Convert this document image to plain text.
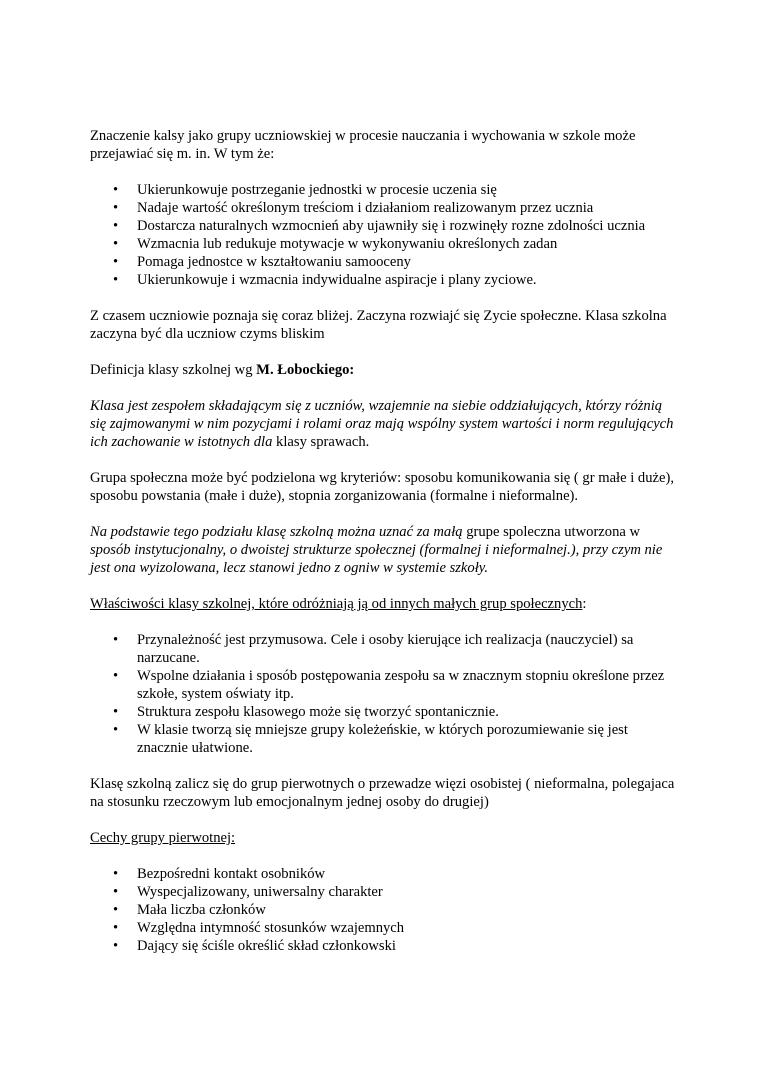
Znaczenie kalsy jako grupy uczniowskiej w procesie nauczania i wychowania w szkole może przejawiać się m. in. W tym że:

• Ukierunkowuje postrzeganie jednostki w procesie uczenia się
• Nadaje wartość określonym treściom i działaniom realizowanym przez ucznia
• Dostarcza naturalnych wzmocnień aby ujawniły się i rozwinęły rozne zdolności ucznia
• Wzmacnia lub redukuje motywacje w wykonywaniu określonych zadan
• Pomaga jednostce w kształtowaniu samooceny
• Ukierunkowuje i wzmacnia indywidualne aspiracje i plany zyciowe.

Z czasem uczniowie poznaja się coraz bliżej. Zaczyna rozwiajć się Zycie społeczne. Klasa szkolna zaczyna być dla uczniow czyms bliskim

Definicja klasy szkolnej wg M. Łobockiego:

Klasa jest zespołem składającym się z uczniów, wzajemnie na siebie oddziałujących, którzy różnią się zajmowanymi w nim pozycjami i rolami oraz mają wspólny system wartości i norm regulujących ich zachowanie w istotnych dla klasy sprawach.

Grupa społeczna może być podzielona wg kryteriów: sposobu komunikowania się ( gr małe i duże), sposobu powstania (małe i duże), stopnia zorganizowania (formalne i nieformalne).

Na podstawie tego podziału klasę szkolną można uznać za małą grupe spoleczna utworzona w sposób instytucjonalny, o dwoistej strukturze społecznej (formalnej i nieformalnej.), przy czym nie jest ona wyizolowana, lecz stanowi jedno z ogniw w systemie szkoły.

Właściwości klasy szkolnej, które odróżniają ją od innych małych grup społecznych:

• Przynależność jest przymusowa. Cele i osoby kierujące ich realizacja (nauczyciel) sa narzucane.
• Wspolne działania i sposób postępowania zespołu sa w znacznym stopniu określone przez szkołe, system oświaty itp.
• Struktura zespołu klasowego może się tworzyć spontanicznie.
• W klasie tworzą się mniejsze grupy koleżeńskie, w których porozumiewanie się jest znacznie ułatwione.

Klasę szkolną zalicz się do grup pierwotnych o przewadze więzi osobistej ( nieformalna, polegajaca na stosunku rzeczowym lub emocjonalnym jednej osoby do drugiej)

Cechy grupy pierwotnej:

• Bezpośredni kontakt osobników
• Wyspecjalizowany, uniwersalny charakter
• Mała liczba członków
• Względna intymność stosunków wzajemnych
• Dający się ściśle określić skład członkowski
